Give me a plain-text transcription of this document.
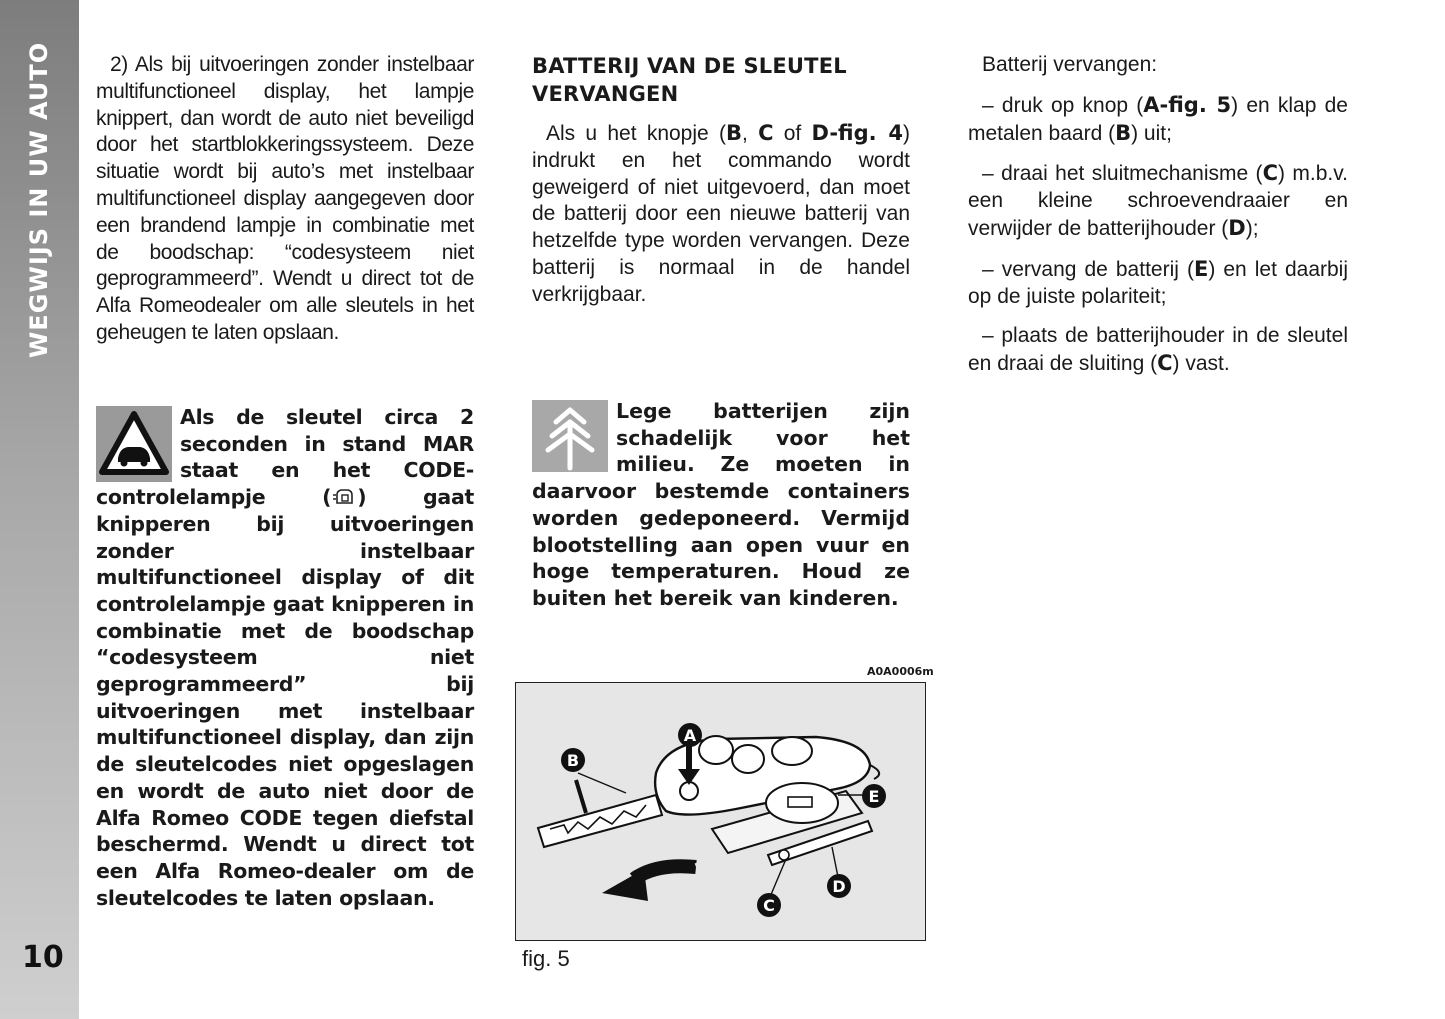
WEGWIJS IN UW AUTO
10

2) Als bij uitvoeringen zonder instelbaar multifunctioneel display, het lampje knippert, dan wordt de auto niet beveiligd door het startblokkeringssysteem. Deze situatie wordt bij auto’s met instelbaar multifunctioneel display aangegeven door een brandend lampje in combinatie met de boodschap: “codesysteem niet geprogrammeerd”. Wendt u direct tot de Alfa Romeodealer om alle sleutels in het geheugen te laten opslaan.

Als de sleutel circa 2 seconden in stand MAR staat en het CODE-controlelampje ( ) gaat knipperen bij uitvoeringen zonder instelbaar multifunctioneel display of dit controlelampje gaat knipperen in combinatie met de boodschap “codesysteem niet geprogrammeerd” bij uitvoeringen met instelbaar multifunctioneel display, dan zijn de sleutelcodes niet opgeslagen en wordt de auto niet door de Alfa Romeo CODE tegen diefstal beschermd. Wendt u direct tot een Alfa Romeo-dealer om de sleutelcodes te laten opslaan.

BATTERIJ VAN DE SLEUTEL
VERVANGEN

Als u het knopje (B, C of D-fig. 4) indrukt en het commando wordt geweigerd of niet uitgevoerd, dan moet de batterij door een nieuwe batterij van hetzelfde type worden vervangen. Deze batterij is normaal in de handel verkrijgbaar.

Lege batterijen zijn schadelijk voor het milieu. Ze moeten in daarvoor bestemde containers worden gedeponeerd. Vermijd blootstelling aan open vuur en hoge temperaturen. Houd ze buiten het bereik van kinderen.

Batterij vervangen:

– druk op knop (A-fig. 5) en klap de metalen baard (B) uit;

– draai het sluitmechanisme (C) m.b.v. een kleine schroevendraaier en verwijder de batterijhouder (D);

– vervang de batterij (E) en let daarbij op de juiste polariteit;

– plaats de batterijhouder in de sleutel en draai de sluiting (C) vast.

A0A0006m
A
B
E
D
C
fig. 5
